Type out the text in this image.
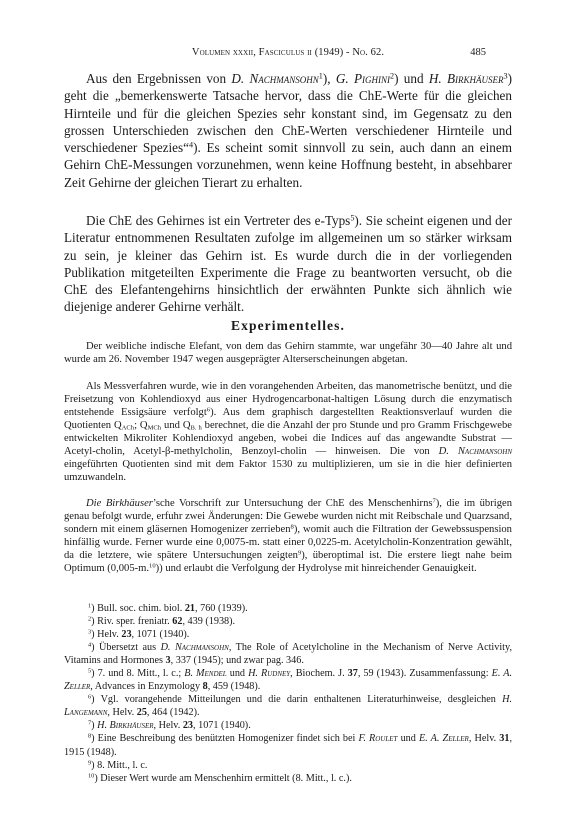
Volumen xxxii, Fasciculus ii (1949) - No. 62.	485

Aus den Ergebnissen von D. Nachmansohn$^1$), G. Pighini$^2$) und H. Birkhäuser$^3$) geht die „bemerkenswerte Tatsache hervor, dass die ChE-Werte für die gleichen Hirnteile und für die gleichen Spezies sehr konstant sind, im Gegensatz zu den grossen Unterschieden zwischen den ChE-Werten verschiedener Hirnteile und verschiedener Spezies“$^4$). Es scheint somit sinnvoll zu sein, auch dann an einem Gehirn ChE-Messungen vorzunehmen, wenn keine Hoffnung besteht, in absehbarer Zeit Gehirne der gleichen Tierart zu erhalten.

Die ChE des Gehirnes ist ein Vertreter des e-Typs$^5$). Sie scheint eigenen und der Literatur entnommenen Resultaten zufolge im allgemeinen um so stärker wirksam zu sein, je kleiner das Gehirn ist. Es wurde durch die in der vorliegenden Publikation mitgeteilten Experimente die Frage zu beantworten versucht, ob die ChE des Elefantengehirns hinsichtlich der erwähnten Punkte sich ähnlich wie diejenige anderer Gehirne verhält.

Experimentelles.

Der weibliche indische Elefant, von dem das Gehirn stammte, war ungefähr 30—40 Jahre alt und wurde am 26. November 1947 wegen ausgeprägter Alterserscheinungen abgetan.

Als Messverfahren wurde, wie in den vorangehenden Arbeiten, das manometrische benützt, und die Freisetzung von Kohlendioxyd aus einer Hydrogencarbonat-haltigen Lösung durch die enzymatisch entstehende Essigsäure verfolgt$^6$). Aus dem graphisch dargestellten Reaktionsverlauf wurden die Quotienten $Q_{ACh}$; $Q_{MCh}$ und $Q_{B. h}$ berechnet, die die Anzahl der pro Stunde und pro Gramm Frischgewebe entwickelten Mikroliter Kohlendioxyd angeben, wobei die Indices auf das angewandte Substrat — Acetyl-cholin, Acetyl-β-methylcholin, Benzoyl-cholin — hinweisen. Die von D. Nachmansohn eingeführten Quotienten sind mit dem Faktor 1530 zu multiplizieren, um sie in die hier definierten umzuwandeln.

Die Birkhäuser’sche Vorschrift zur Untersuchung der ChE des Menschenhirns$^7$), die im übrigen genau befolgt wurde, erfuhr zwei Änderungen: Die Gewebe wurden nicht mit Reibschale und Quarzsand, sondern mit einem gläsernen Homogenizer zerrieben$^8$), womit auch die Filtration der Gewebssuspension hinfällig wurde. Ferner wurde eine 0,0075-m. statt einer 0,0225-m. Acetylcholin-Konzentration gewählt, da die letztere, wie spätere Untersuchungen zeigten$^9$), überoptimal ist. Die erstere liegt nahe beim Optimum (0,005-m.$^{10}$)) und erlaubt die Verfolgung der Hydrolyse mit hinreichender Genauigkeit.

$^1$) Bull. soc. chim. biol. 21, 760 (1939).

$^2$) Riv. sper. freniatr. 62, 439 (1938).

$^3$) Helv. 23, 1071 (1940).

$^4$) Übersetzt aus D. Nachmansohn, The Role of Acetylcholine in the Mechanism of Nerve Activity, Vitamins and Hormones 3, 337 (1945); und zwar pag. 346.

$^5$) 7. und 8. Mitt., l. c.; B. Mendel und H. Rudney, Biochem. J. 37, 59 (1943). Zusammenfassung: E. A. Zeller, Advances in Enzymology 8, 459 (1948).

$^6$) Vgl. vorangehende Mitteilungen und die darin enthaltenen Literaturhinweise, desgleichen H. Langemann, Helv. 25, 464 (1942).

$^7$) H. Birkhäuser, Helv. 23, 1071 (1940).

$^8$) Eine Beschreibung des benützten Homogenizer findet sich bei F. Roulet und E. A. Zeller, Helv. 31, 1915 (1948).

$^9$) 8. Mitt., l. c.

$^{10}$) Dieser Wert wurde am Menschenhirn ermittelt (8. Mitt., l. c.).
